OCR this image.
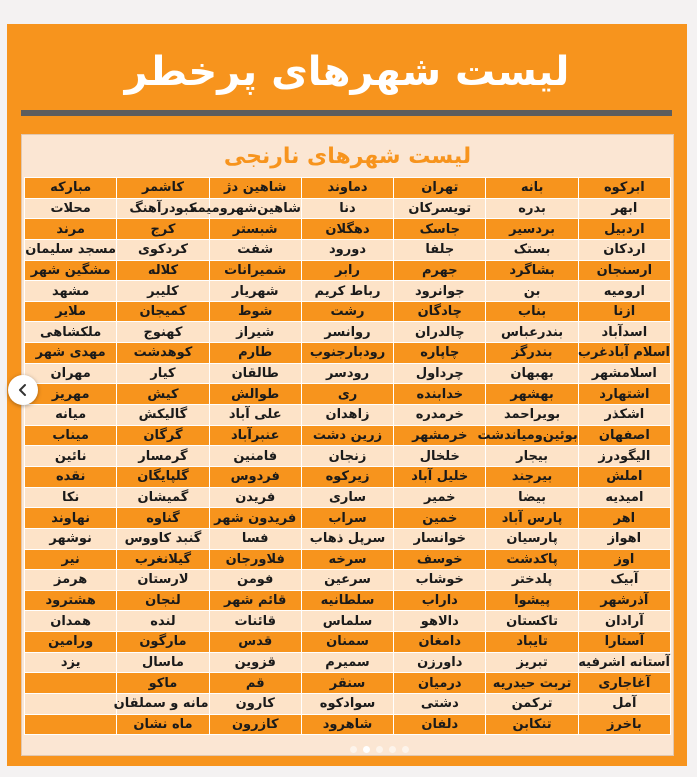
لیست شهرهای پرخطر
لیست شهرهای نارنجی
ابرکوه	بانه	تهران	دماوند	شاهین دژ	کاشمر	مبارکه
ابهر	بدره	تویسرکان	دنا	شاهین‌شهرومیمه	کبودرآهنگ	محلات
اردبیل	بردسیر	جاسک	دهگلان	شبستر	کرج	مرند
اردکان	بستک	جلفا	دورود	شفت	کردکوی	مسجد سلیمان
ارسنجان	بشاگرد	جهرم	رابر	شمیرانات	کلاله	مشگین شهر
ارومیه	بن	جوانرود	رباط کریم	شهریار	کلیبر	مشهد
ازنا	بناب	چادگان	رشت	شوط	کمیجان	ملایر
اسدآباد	بندرعباس	چالدران	روانسر	شیراز	کهنوج	ملکشاهی
اسلام آبادغرب	بندرگز	چاپاره	رودبارجنوب	طارم	کوهدشت	مهدی شهر
اسلامشهر	بهبهان	چرداول	رودسر	طالقان	کیار	مهران
اشتهارد	بهشهر	خدابنده	ری	طوالش	کیش	مهریز
اشکذر	بویراحمد	خرمدره	زاهدان	علی آباد	گالیکش	میانه
اصفهان	بوئین‌ومیاندشت	خرمشهر	زرین دشت	عنبرآباد	گرگان	میناب
الیگودرز	بیجار	خلخال	زنجان	فامنین	گرمسار	نائین
املش	بیرجند	خلیل آباد	زیرکوه	فردوس	گلپایگان	نقده
امیدیه	بیضا	خمیر	ساری	فریدن	گمیشان	نکا
اهر	پارس آباد	خمین	سراب	فریدون شهر	گناوه	نهاوند
اهواز	پارسیان	خوانسار	سرپل ذهاب	فسا	گنبد کاووس	نوشهر
اوز	پاکدشت	خوسف	سرخه	فلاورجان	گیلانغرب	نیر
آبیک	پلدختر	خوشاب	سرعین	فومن	لارستان	هرمز
آذرشهر	پیشوا	داراب	سلطانیه	قائم شهر	لنجان	هشترود
آرادان	تاکستان	دالاهو	سلماس	قائنات	لنده	همدان
آستارا	تایباد	دامغان	سمنان	قدس	مارگون	ورامین
آستانه اشرفیه	تبریز	داورزن	سمیرم	قزوین	ماسال	یزد
آغاجاری	تربت حیدریه	درمیان	سنقر	قم	ماکو	
آمل	ترکمن	دشتی	سوادکوه	کارون	مانه و سملقان	
باخرز	تنکابن	دلفان	شاهرود	کازرون	ماه نشان	
